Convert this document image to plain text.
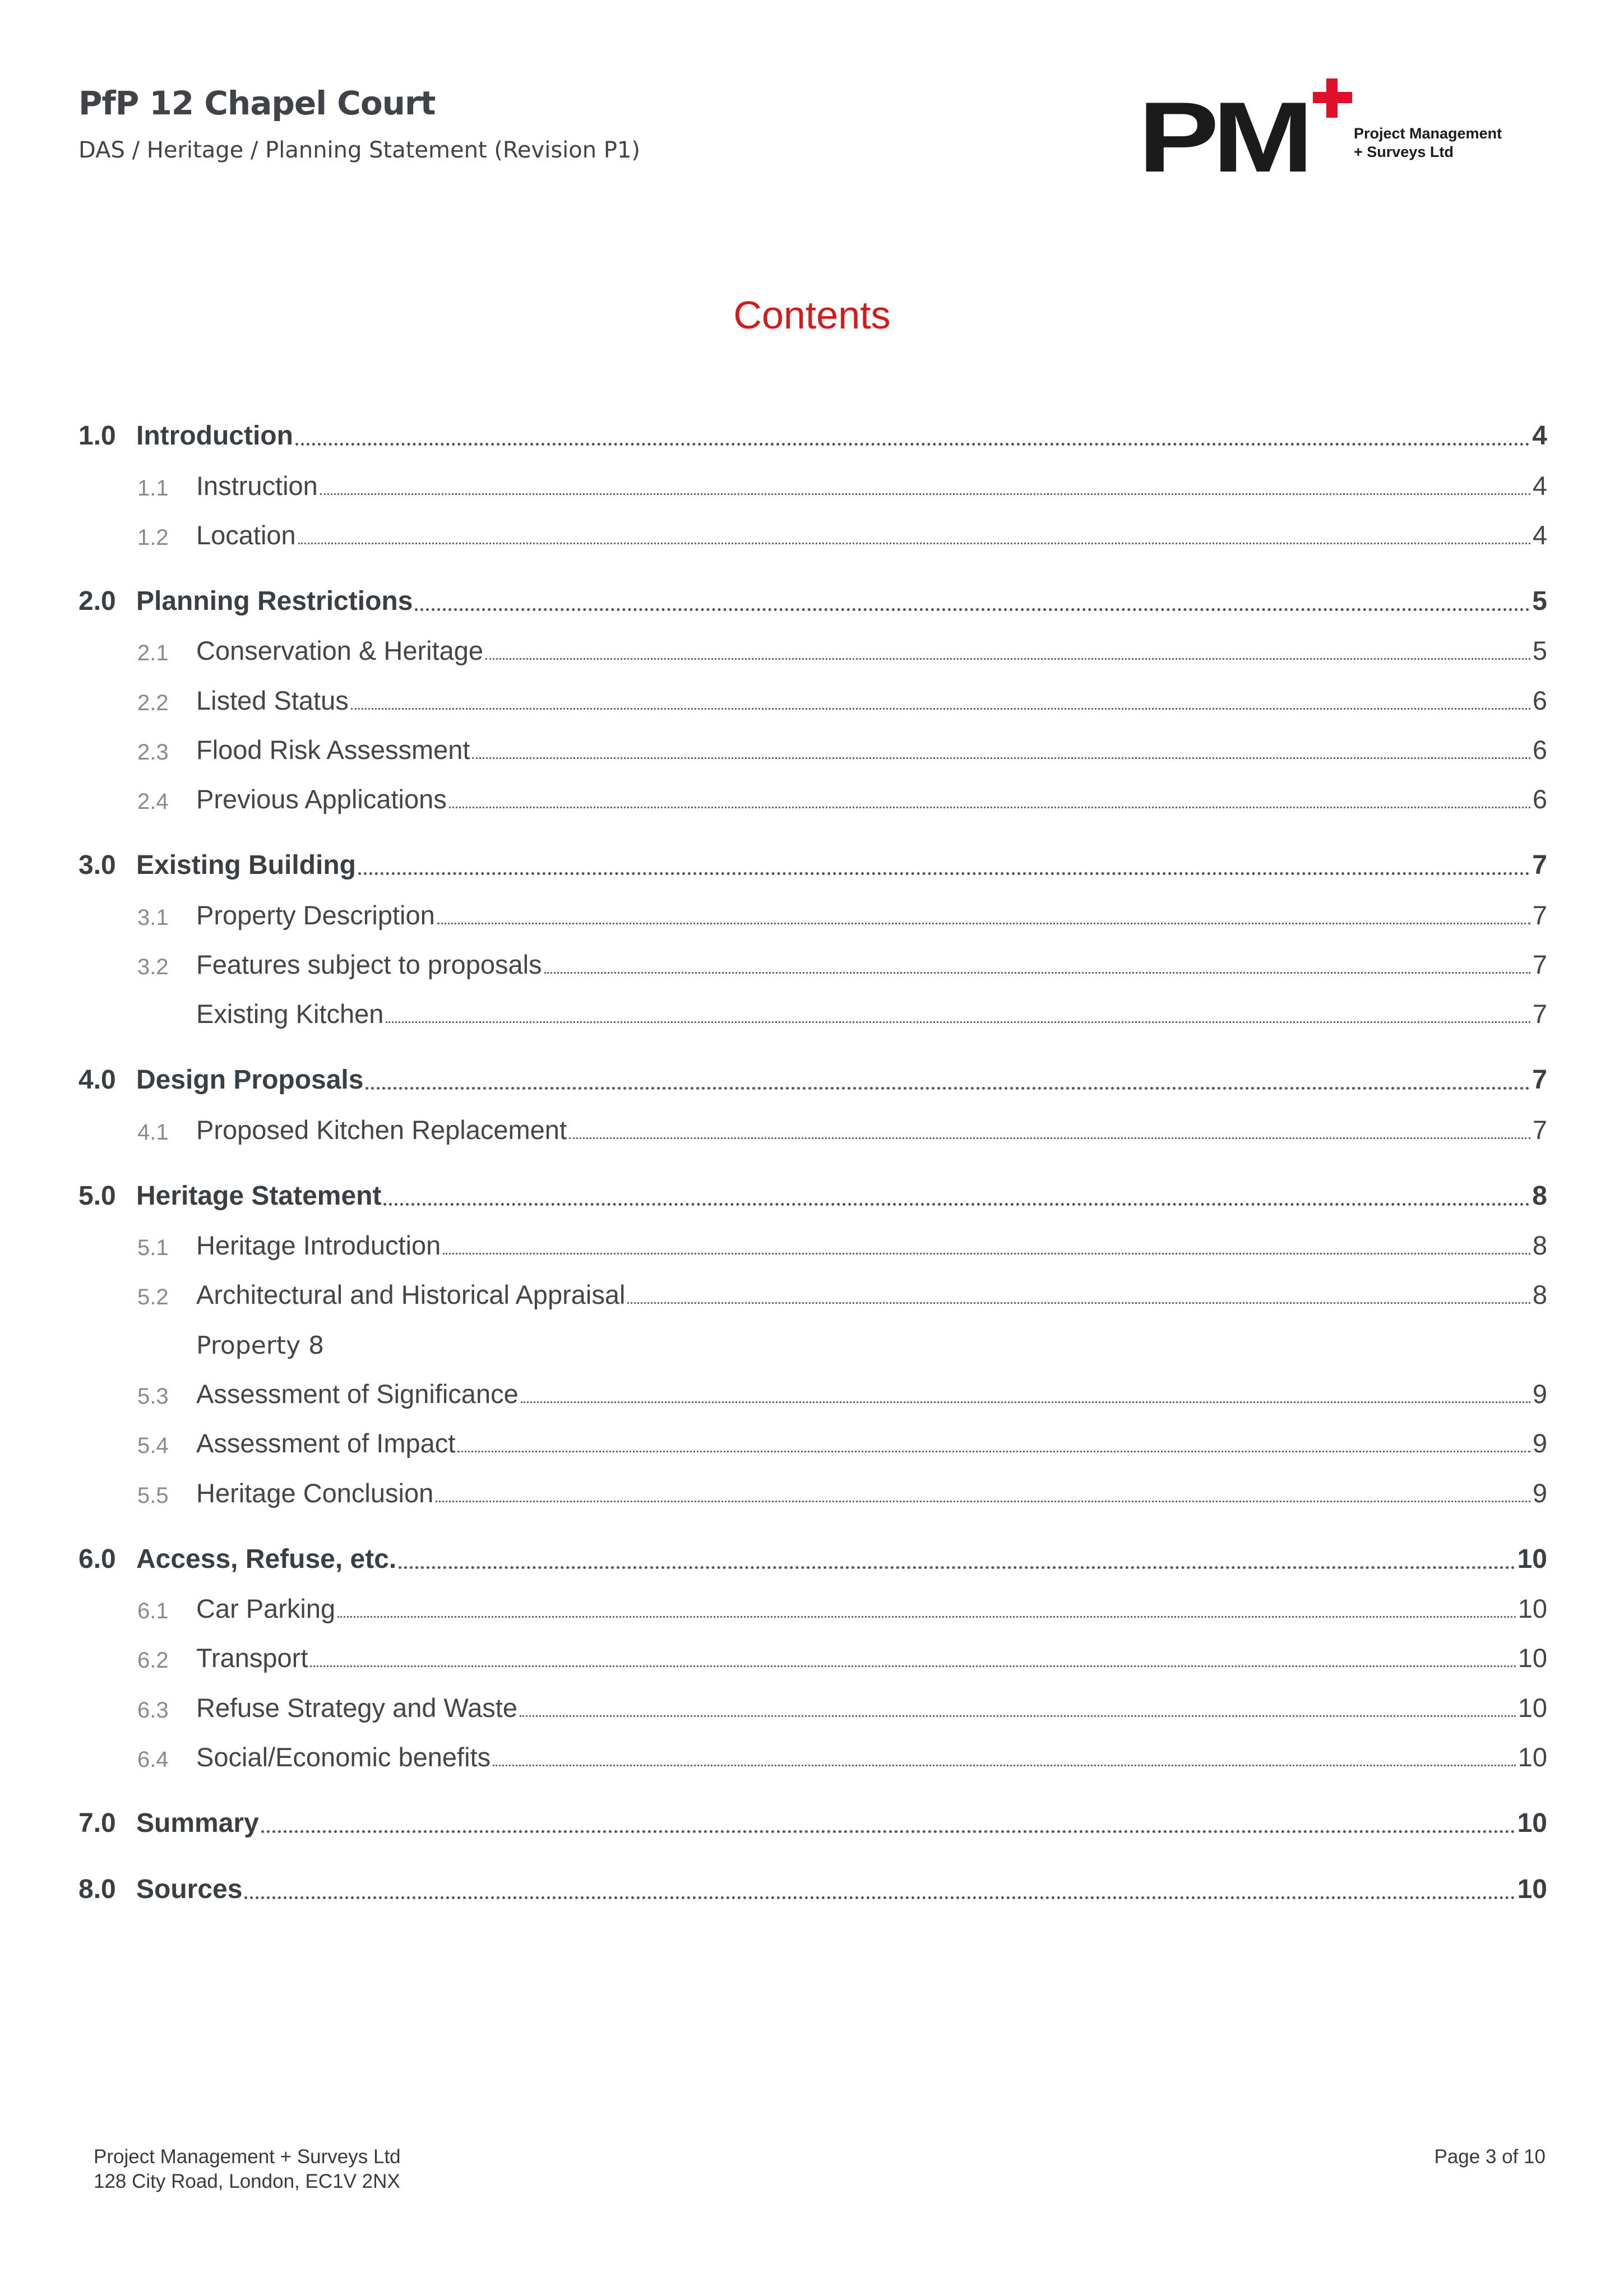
PfP 12 Chapel Court
DAS / Heritage / Planning Statement (Revision P1)	PM	Project Management
+ Surveys Ltd
Contents
1.0 Introduction	4
1.1	Instruction	4
1.2	Location	4
2.0 Planning Restrictions	5
2.1	Conservation & Heritage	5
2.2	Listed Status	6
2.3	Flood Risk Assessment	6
2.4	Previous Applications	6
3.0 Existing Building	7
3.1	Property Description	7
3.2	Features subject to proposals	7
Existing Kitchen	7
4.0 Design Proposals	7
4.1	Proposed Kitchen Replacement	7
5.0 Heritage Statement	8
5.1	Heritage Introduction	8
5.2	Architectural and Historical Appraisal	8
Property 8
5.3	Assessment of Significance	9
5.4	Assessment of Impact	9
5.5	Heritage Conclusion	9
6.0 Access, Refuse, etc.	10
6.1	Car Parking	10
6.2	Transport	10
6.3	Refuse Strategy and Waste	10
6.4	Social/Economic benefits	10
7.0 Summary	10
8.0 Sources	10
Project Management + Surveys Ltd
128 City Road, London, EC1V 2NX
Page 3 of 10
